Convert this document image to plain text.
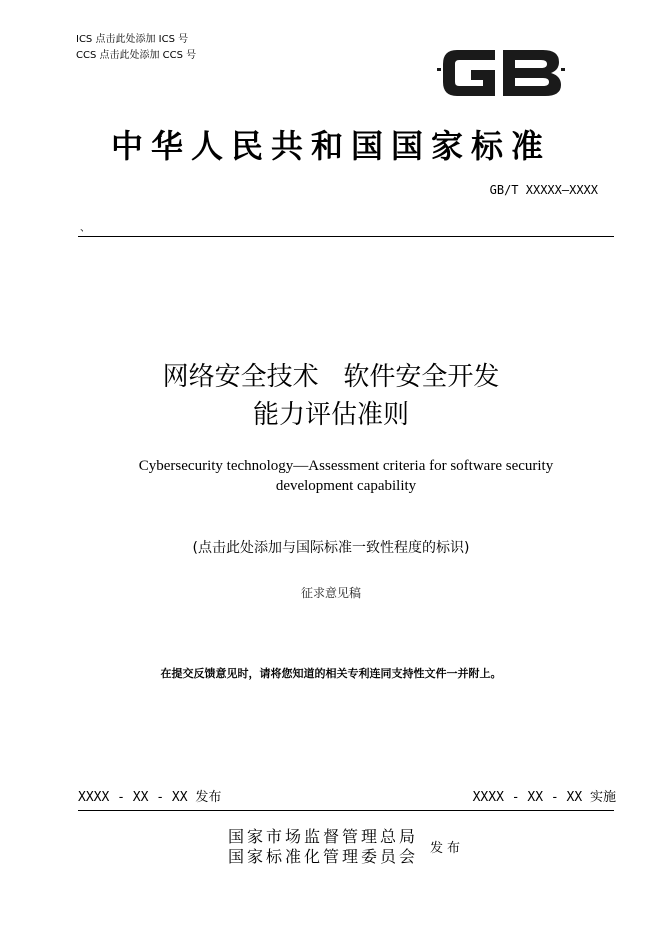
ICS 点击此处添加 ICS 号
CCS 点击此处添加 CCS 号
中华人民共和国国家标准
GB/T XXXXX—XXXX
、
网络安全技术   软件安全开发
能力评估准则
Cybersecurity technology—Assessment criteria for software security development capability
(点击此处添加与国际标准一致性程度的标识)
征求意见稿
在提交反馈意见时，请将您知道的相关专利连同支持性文件一并附上。
XXXX - XX - XX 发布	XXXX - XX - XX 实施
国家市场监督管理总局
国家标准化管理委员会
发布
